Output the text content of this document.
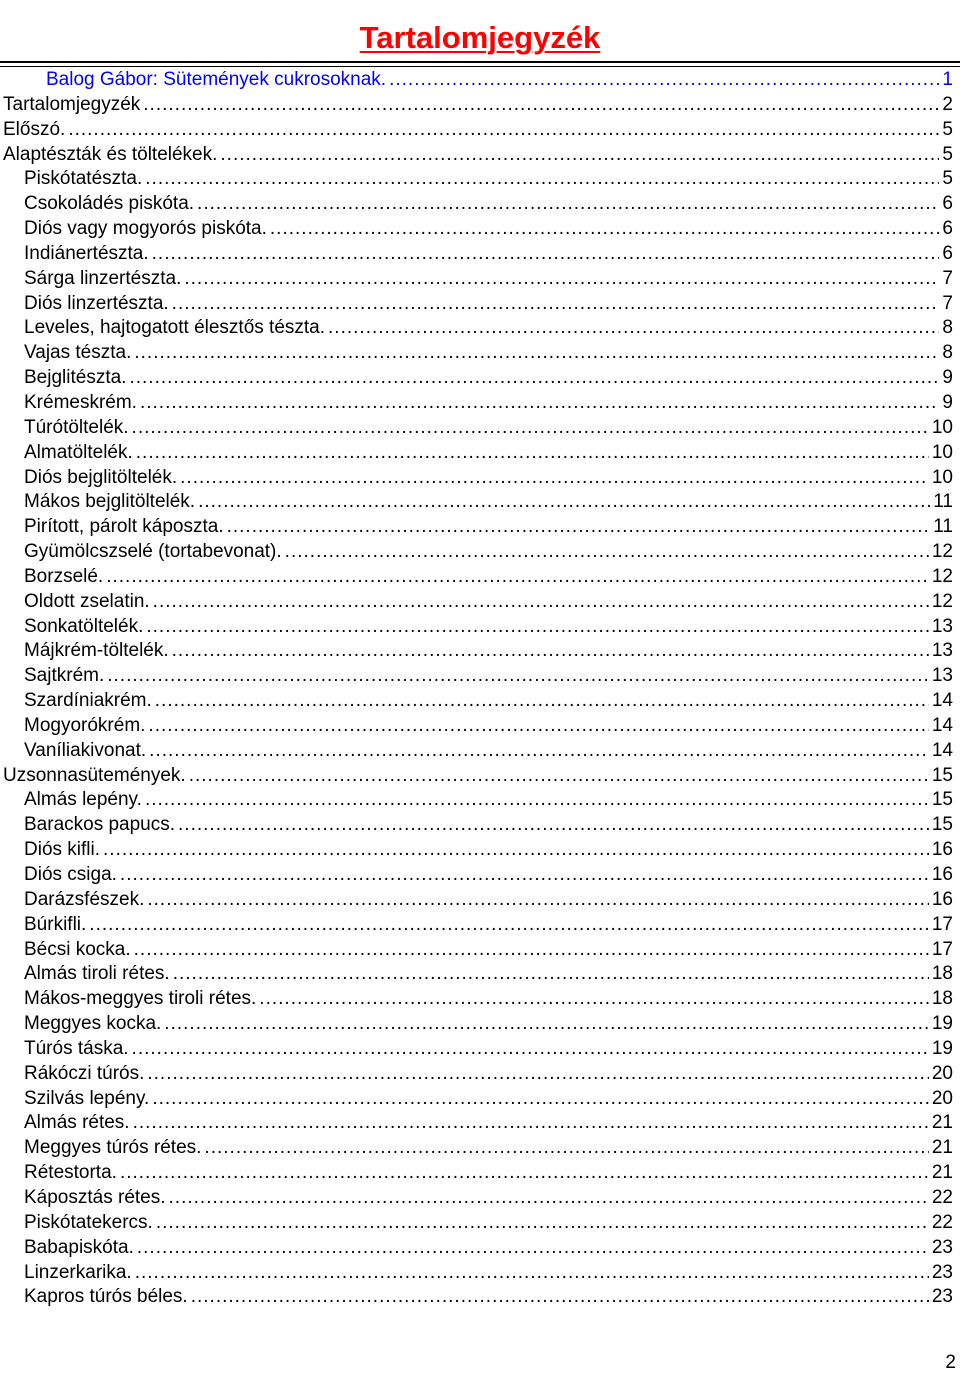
Tartalomjegyzék
Balog Gábor: Sütemények cukrosoknak. .....	1
Tartalomjegyzék .....	2
Előszó. .....	5
Alaptészták és töltelékek. .....	5
Piskótatészta. .....	5
Csokoládés piskóta. .....	6
Diós vagy mogyorós piskóta. .....	6
Indiánertészta. .....	6
Sárga linzertészta. .....	7
Diós linzertészta. .....	7
Leveles, hajtogatott élesztős tészta. .....	8
Vajas tészta. .....	8
Bejglitészta. .....	9
Krémeskrém. .....	9
Túrótöltelék. .....	10
Almatöltelék. .....	10
Diós bejglitöltelék. .....	10
Mákos bejglitöltelék. .....	11
Pirított, párolt káposzta. .....	11
Gyümölcszselé (tortabevonat). .....	12
Borzselé. .....	12
Oldott zselatin. .....	12
Sonkatöltelék. .....	13
Májkrém-töltelék. .....	13
Sajtkrém. .....	13
Szardíniakrém. .....	14
Mogyorókrém. .....	14
Vaníliakivonat. .....	14
Uzsonnasütemények. .....	15
Almás lepény. .....	15
Barackos papucs. .....	15
Diós kifli. .....	16
Diós csiga. .....	16
Darázsfészek. .....	16
Búrkifli. .....	17
Bécsi kocka. .....	17
Almás tiroli rétes. .....	18
Mákos-meggyes tiroli rétes. .....	18
Meggyes kocka. .....	19
Túrós táska. .....	19
Rákóczi túrós. .....	20
Szilvás lepény. .....	20
Almás rétes. .....	21
Meggyes túrós rétes. .....	21
Rétestorta. .....	21
Káposztás rétes. .....	22
Piskótatekercs. .....	22
Babapiskóta. .....	23
Linzerkarika. .....	23
Kapros túrós béles. .....	23
2
